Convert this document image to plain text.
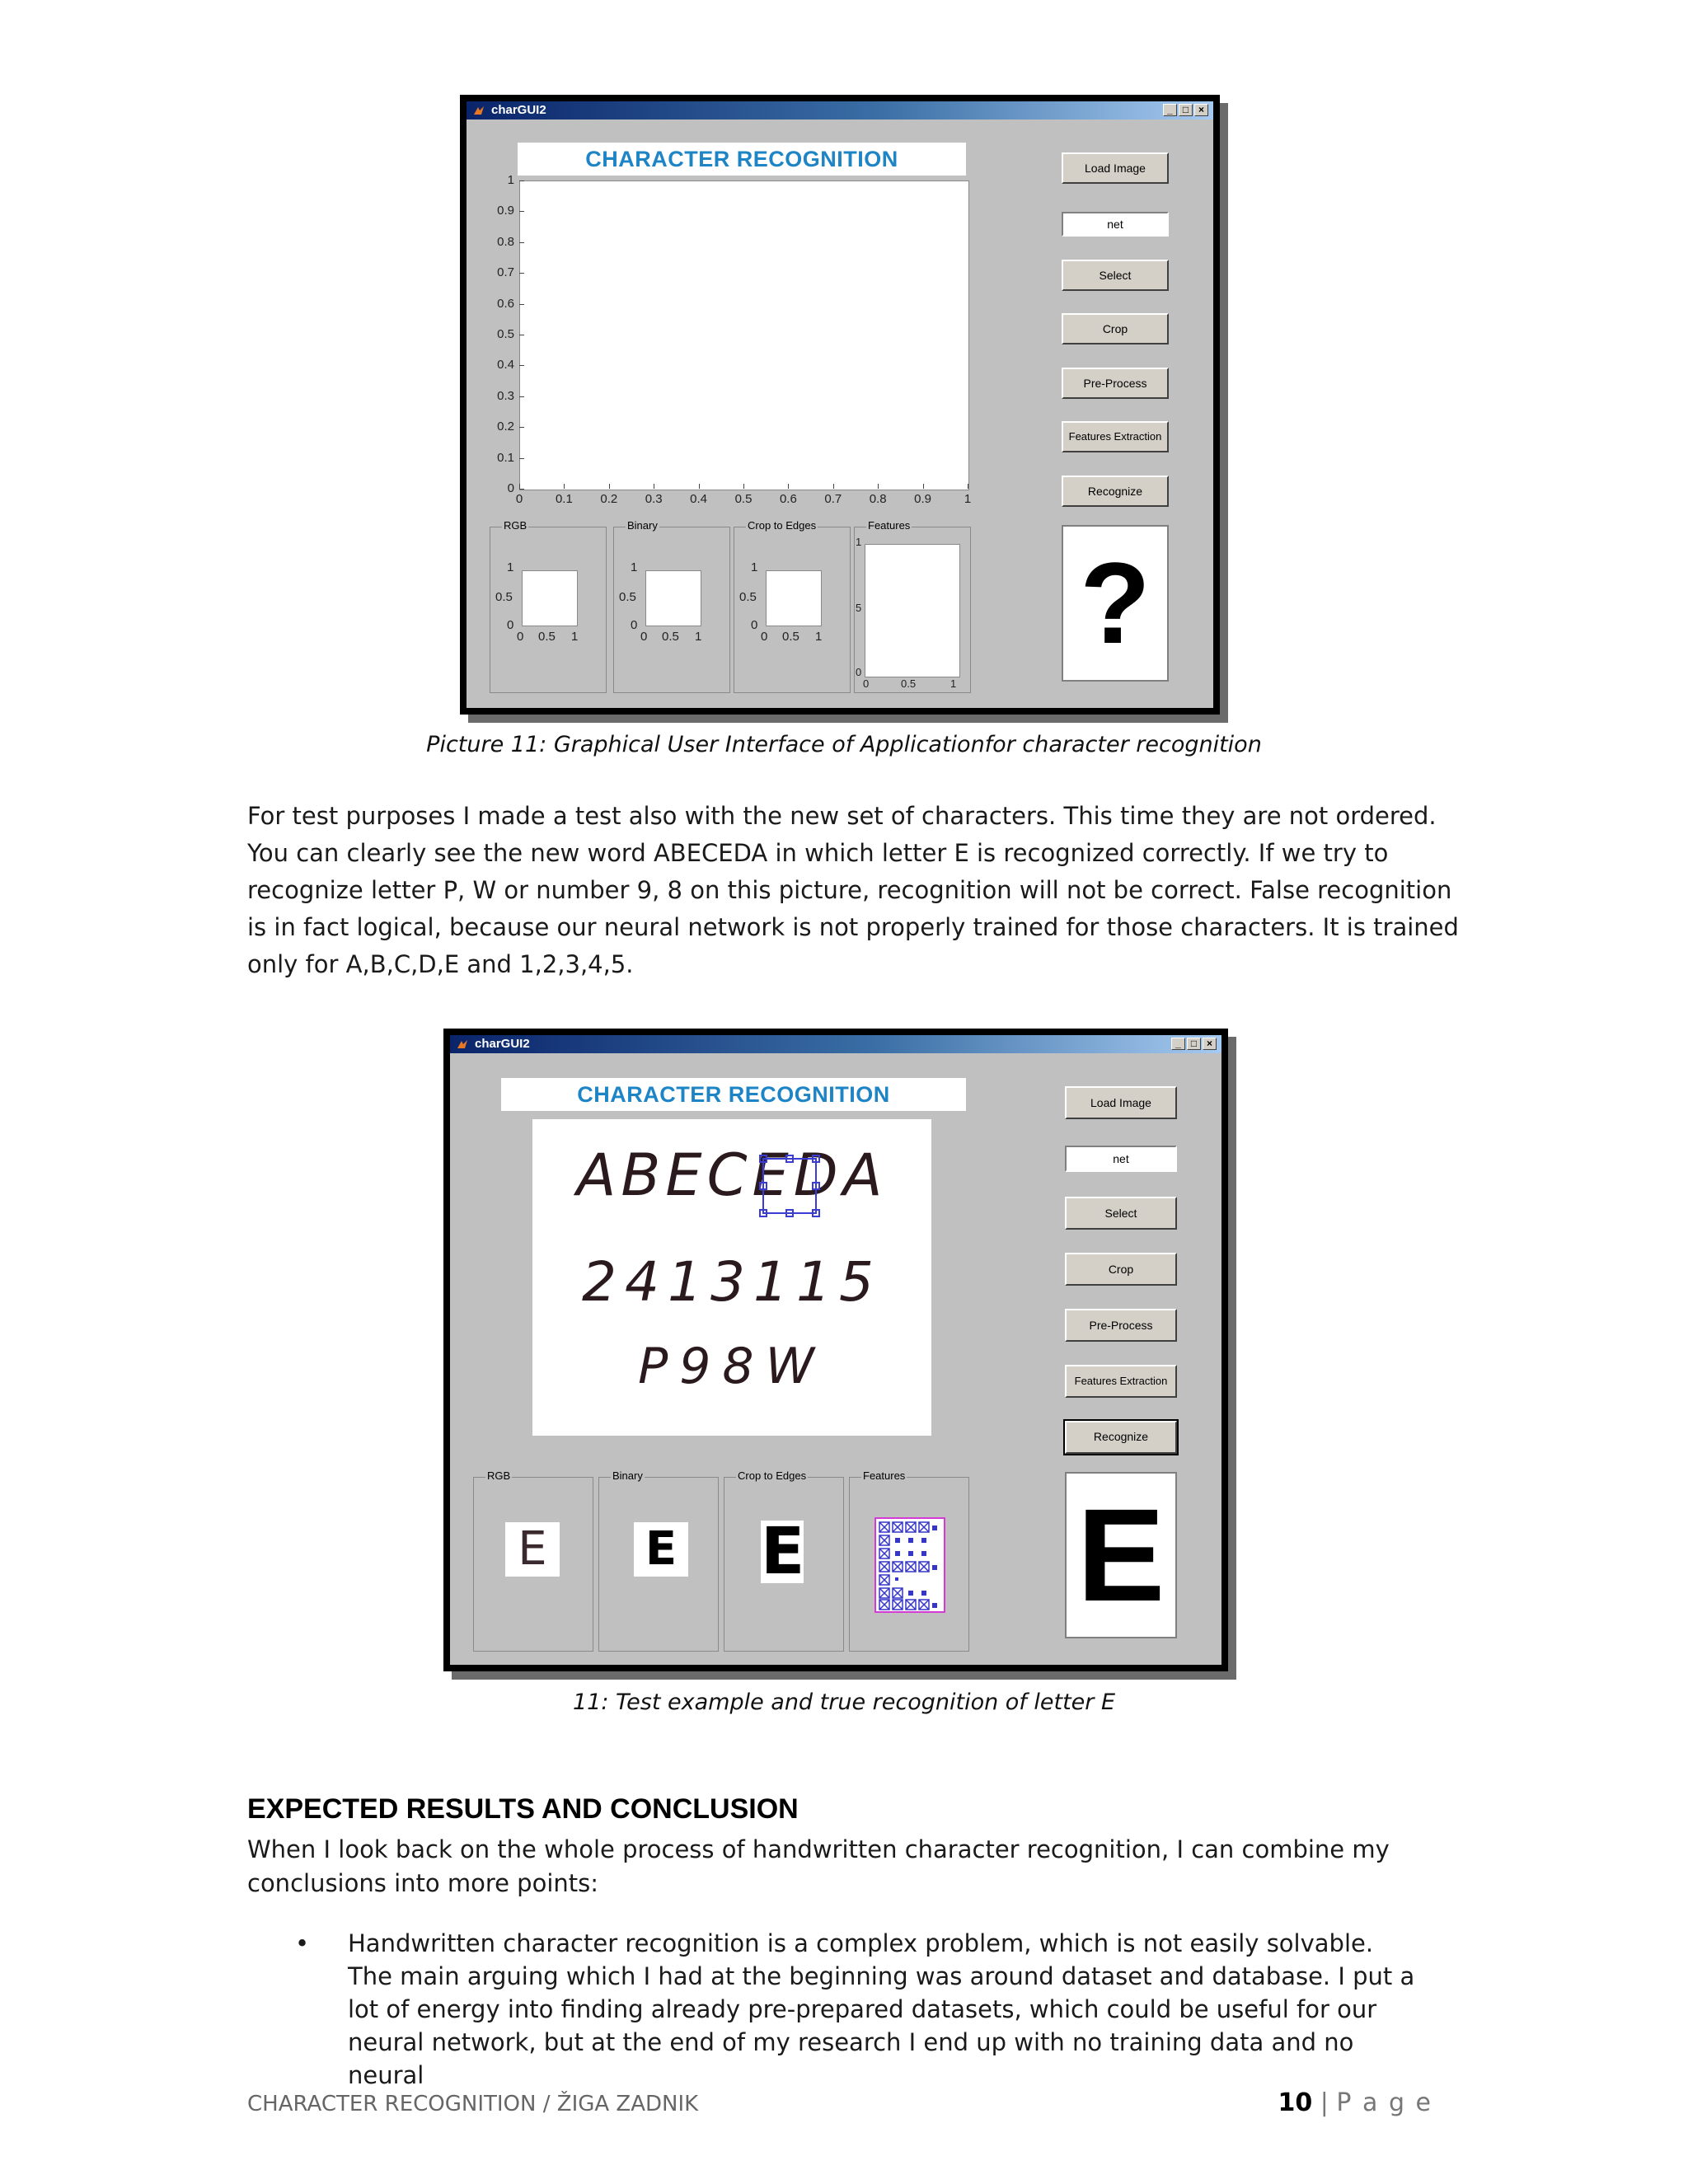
charGUI2	_	□ ×
CHARACTER RECOGNITION	Load Image
net
Select
Crop
Pre-Process
Features Extraction
Recognize
RGB
1
0.5
0
0 0.5 1
Binary
1
0.5
0
0 0.5 1
Crop to Edges
1
0.5
0
0 0.5 1
Features
1
5
0
0	0.5	1
?
0
0.1
0.2
0.3
0.4
0.5
0.6
0.7
0.8
0.9
1
0	0.1 0.2 0.3 0.4 0.5 0.6 0.7 0.8 0.9	1
Picture 11: Graphical User Interface of Applicationfor character recognition
For test purposes I made a test also with the new set of characters. This time they are not ordered. You can clearly see the new word ABECEDA in which letter E is recognized correctly. If we try to recognize letter P, W or number 9, 8 on this picture, recognition will not be correct. False recognition is in fact logical, because our neural network is not properly trained for those characters. It is trained only for A,B,C,D,E and 1,2,3,4,5.
charGUI2	_	□ ×
CHARACTER RECOGNITION
ABECEDA
2413115
P98W
Load Image
net
Select
Crop
Pre-Process
Features Extraction
Recognize
RGB
E
Binary
E
Crop to Edges
E
Features
E
11: Test example and true recognition of letter E
EXPECTED RESULTS AND CONCLUSION
When I look back on the whole process of handwritten character recognition, I can combine my conclusions into more points:
• Handwritten character recognition is a complex problem, which is not easily solvable. The main arguing which I had at the beginning was around dataset and database. I put a lot of energy into finding already pre-prepared datasets, which could be useful for our neural network, but at the end of my research I end up with no training data and no neural
CHARACTER RECOGNITION / ŽIGA ZADNIK	10 | P a g e
